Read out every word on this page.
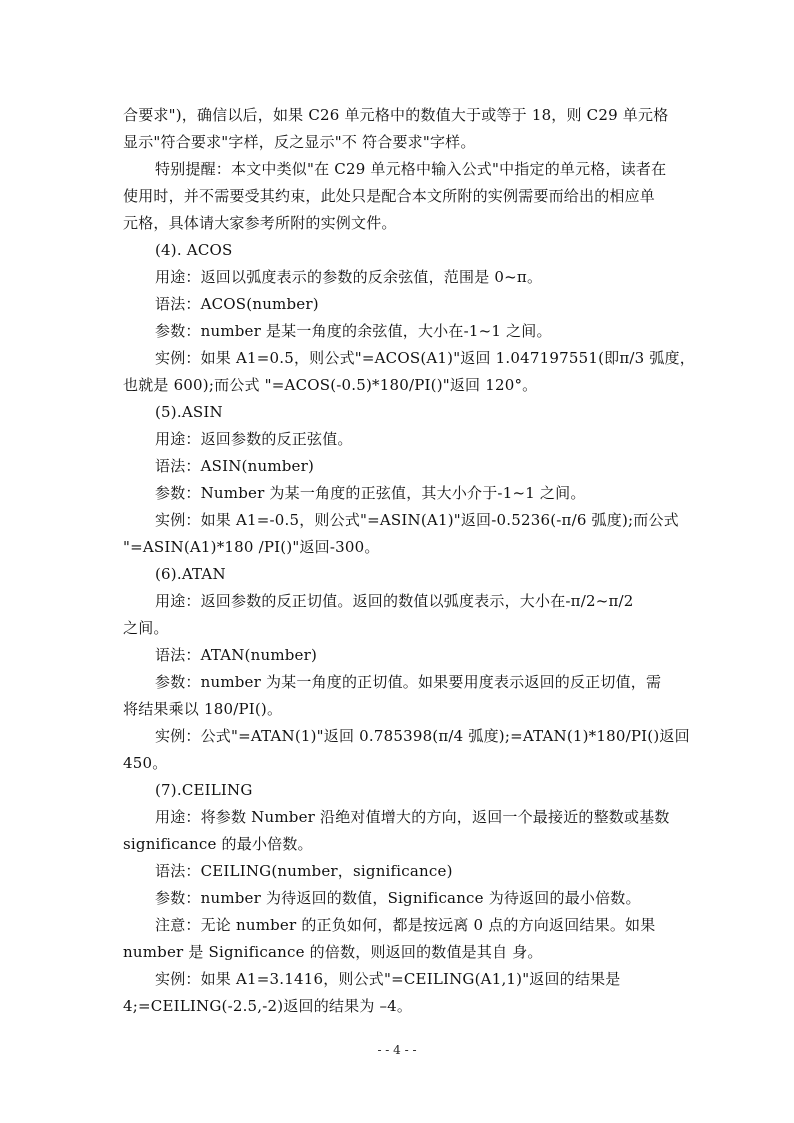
合要求")，确信以后，如果 C26 单元格中的数值大于或等于 18，则 C29 单元格
显示"符合要求"字样，反之显示"不 符合要求"字样。
特别提醒：本文中类似"在 C29 单元格中输入公式"中指定的单元格，读者在
使用时，并不需要受其约束，此处只是配合本文所附的实例需要而给出的相应单
元格，具体请大家参考所附的实例文件。
(4). ACOS
用途：返回以弧度表示的参数的反余弦值，范围是 0~π。
语法：ACOS(number)
参数：number 是某一角度的余弦值，大小在-1~1 之间。
实例：如果 A1=0.5，则公式"=ACOS(A1)"返回 1.047197551(即π/3 弧度，
也就是 600);而公式 "=ACOS(-0.5)*180/PI()"返回 120°。
(5).ASIN
用途：返回参数的反正弦值。
语法：ASIN(number)
参数：Number 为某一角度的正弦值，其大小介于-1~1 之间。
实例：如果 A1=-0.5，则公式"=ASIN(A1)"返回-0.5236(-π/6 弧度);而公式
"=ASIN(A1)*180 /PI()"返回-300。
(6).ATAN
用途：返回参数的反正切值。返回的数值以弧度表示，大小在-π/2~π/2
之间。
语法：ATAN(number)
参数：number 为某一角度的正切值。如果要用度表示返回的反正切值，需
将结果乘以 180/PI()。
实例：公式"=ATAN(1)"返回 0.785398(π/4 弧度);=ATAN(1)*180/PI()返回
450。
(7).CEILING
用途：将参数 Number 沿绝对值增大的方向，返回一个最接近的整数或基数
significance 的最小倍数。
语法：CEILING(number，significance)
参数：number 为待返回的数值，Significance 为待返回的最小倍数。
注意：无论 number 的正负如何，都是按远离 0 点的方向返回结果。如果
number 是 Significance 的倍数，则返回的数值是其自 身。
实例：如果 A1=3.1416，则公式"=CEILING(A1,1)"返回的结果是
4;=CEILING(-2.5,-2)返回的结果为 –4。
- - 4 - -
